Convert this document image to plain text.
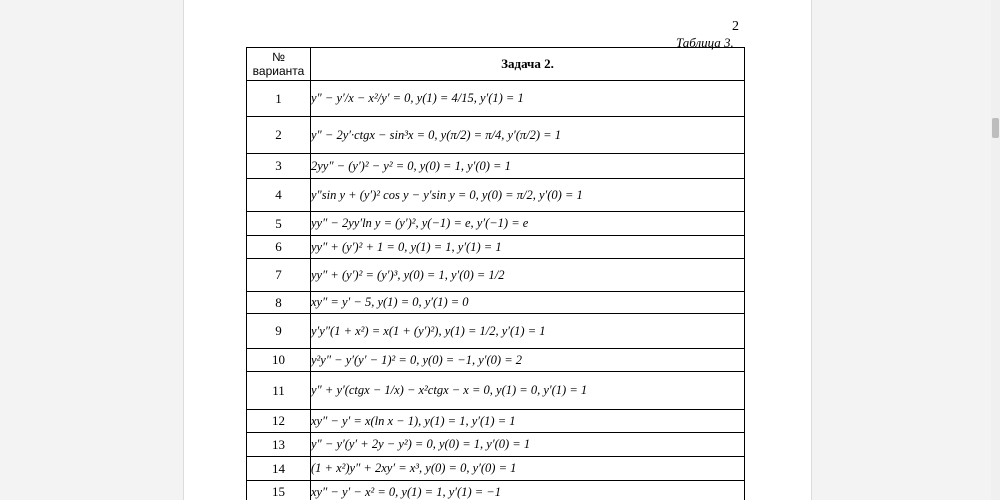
2
Таблица 3.
№
варианта	Задача 2.
1	y″ − y′/x − x²/y′ = 0, y(1) = 4/15, y′(1) = 1
2	y″ − 2y′·ctgx − sin³x = 0, y(π/2) = π/4, y′(π/2) = 1
3	2yy″ − (y′)² − y² = 0, y(0) = 1, y′(0) = 1
4	y″sin y + (y′)² cos y − y′sin y = 0, y(0) = π/2, y′(0) = 1
5	yy″ − 2yy′ln y = (y′)², y(−1) = e, y′(−1) = e
6	yy″ + (y′)² + 1 = 0, y(1) = 1, y′(1) = 1
7	yy″ + (y′)² = (y′)³, y(0) = 1, y′(0) = 1/2
8	xy″ = y′ − 5, y(1) = 0, y′(1) = 0
9	y′y″(1 + x²) = x(1 + (y′)²), y(1) = 1/2, y′(1) = 1
10	y²y″ − y′(y′ − 1)² = 0, y(0) = −1, y′(0) = 2
11	y″ + y′(ctgx − 1/x) − x²ctgx − x = 0, y(1) = 0, y′(1) = 1
12	xy″ − y′ = x(ln x − 1), y(1) = 1, y′(1) = 1
13	y″ − y′(y′ + 2y − y²) = 0, y(0) = 1, y′(0) = 1
14	(1 + x²)y″ + 2xy′ = x³, y(0) = 0, y′(0) = 1
15	xy″ − y′ − x² = 0, y(1) = 1, y′(1) = −1
